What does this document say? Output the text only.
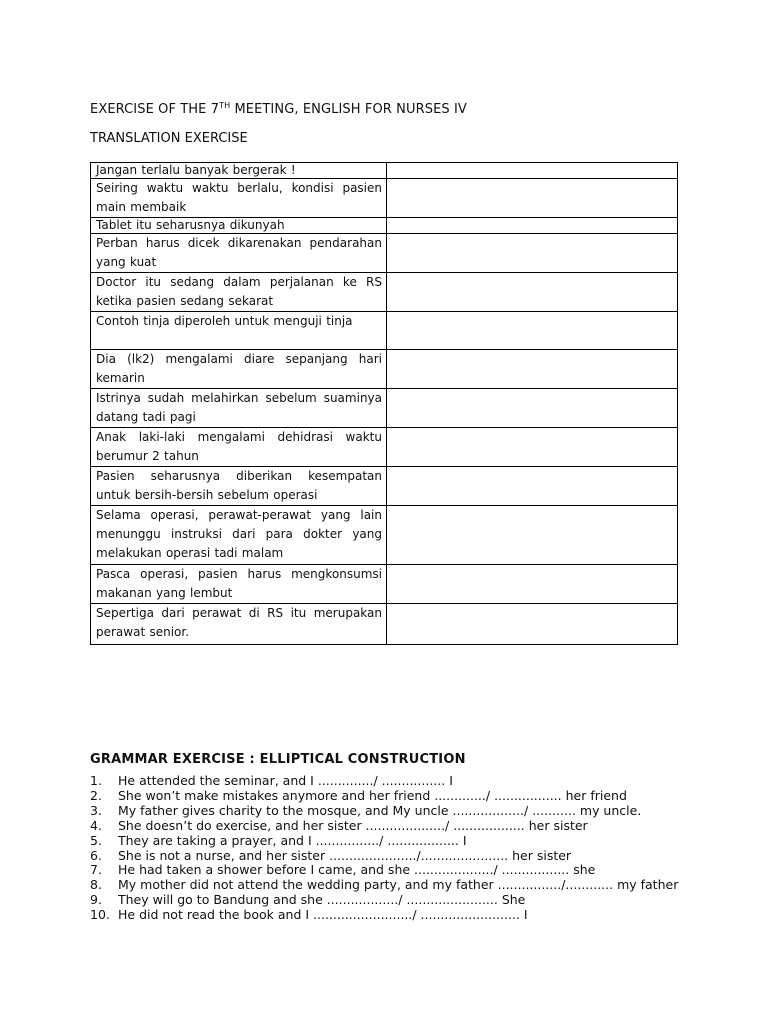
EXERCISE OF THE 7TH MEETING, ENGLISH FOR NURSES IV
TRANSLATION EXERCISE
Jangan terlalu banyak bergerak !	

Seiring waktu waktu berlalu, kondisi pasien main membaik	

Tablet itu seharusnya dikunyah	

Perban harus dicek dikarenakan pendarahan yang kuat	

Doctor itu sedang dalam perjalanan ke RS ketika pasien sedang sekarat	

Contoh tinja diperoleh untuk menguji tinja	

Dia (lk2) mengalami diare sepanjang hari kemarin	

Istrinya sudah melahirkan sebelum suaminya datang tadi pagi	

Anak laki-laki mengalami dehidrasi waktu berumur 2 tahun	

Pasien seharusnya diberikan kesempatan untuk bersih-bersih sebelum operasi	

Selama operasi, perawat-perawat yang lain menunggu instruksi dari para dokter yang melakukan operasi tadi malam	

Pasca operasi, pasien harus mengkonsumsi makanan yang lembut	

Sepertiga dari perawat di RS itu merupakan perawat senior.	

GRAMMAR EXERCISE : ELLIPTICAL CONSTRUCTION
1. He attended the seminar, and I ............../ ................ I
2. She won’t make mistakes anymore and her friend ............./ ................. her friend
3. My father gives charity to the mosque, and My uncle ................../ ........... my uncle.
4. She doesn’t do exercise, and her sister ..................../ .................. her sister
5. They are taking a prayer, and I ................/ .................. I
6. She is not a nurse, and her sister ....................../...................... her sister
7. He had taken a shower before I came, and she ..................../ ................. she
8. My mother did not attend the wedding party, and my father ................/............ my father
9. They will go to Bandung and she ................../ ....................... She
10. He did not read the book and I ........................./ ......................... I
